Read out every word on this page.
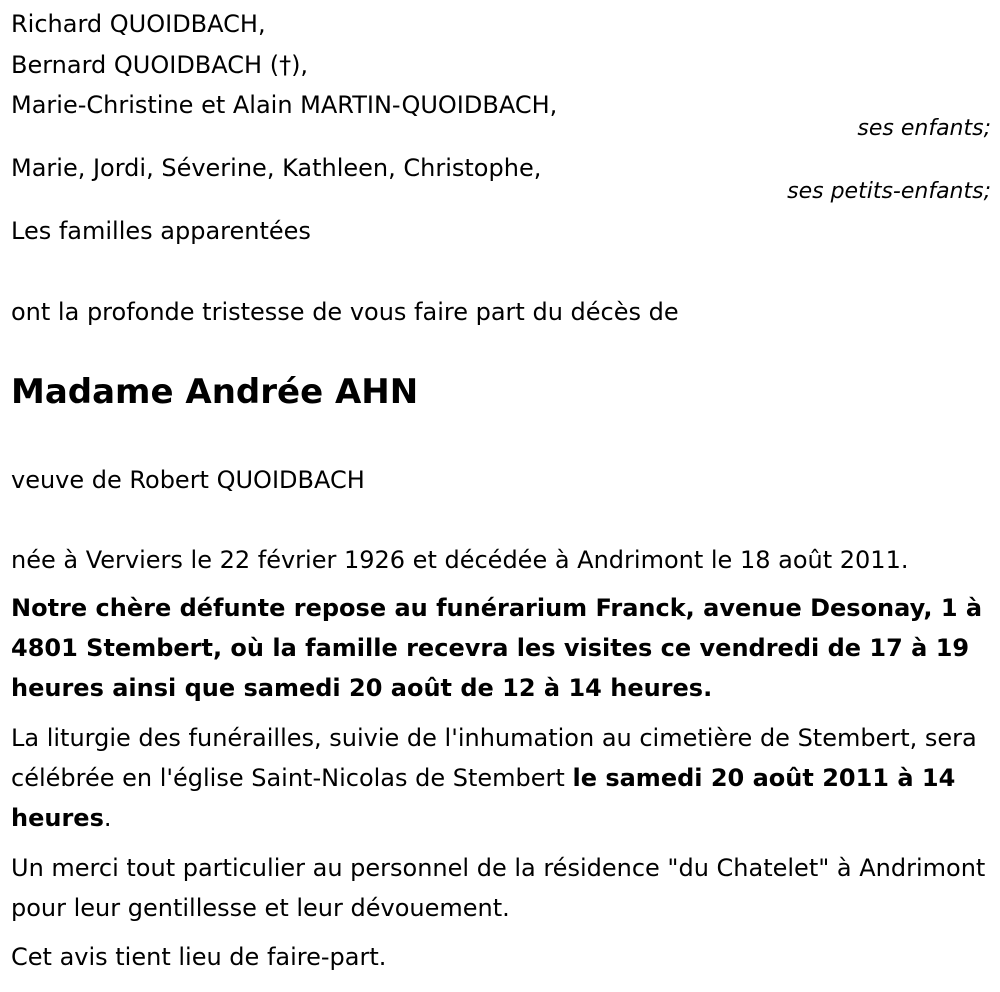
Richard QUOIDBACH,
Bernard QUOIDBACH (†),
Marie-Christine et Alain MARTIN-QUOIDBACH,
ses enfants;
Marie, Jordi, Séverine, Kathleen, Christophe,
ses petits-enfants;
Les familles apparentées
ont la profonde tristesse de vous faire part du décès de
Madame Andrée AHN
veuve de Robert QUOIDBACH
née à Verviers le 22 février 1926 et décédée à Andrimont le 18 août 2011.
Notre chère défunte repose au funérarium Franck, avenue Desonay, 1 à 4801 Stembert, où la famille recevra les visites ce vendredi de 17 à 19 heures ainsi que samedi 20 août de 12 à 14 heures.
La liturgie des funérailles, suivie de l'inhumation au cimetière de Stembert, sera célébrée en l'église Saint-Nicolas de Stembert le samedi 20 août 2011 à 14 heures.
Un merci tout particulier au personnel de la résidence "du Chatelet" à Andrimont pour leur gentillesse et leur dévouement.
Cet avis tient lieu de faire-part.
